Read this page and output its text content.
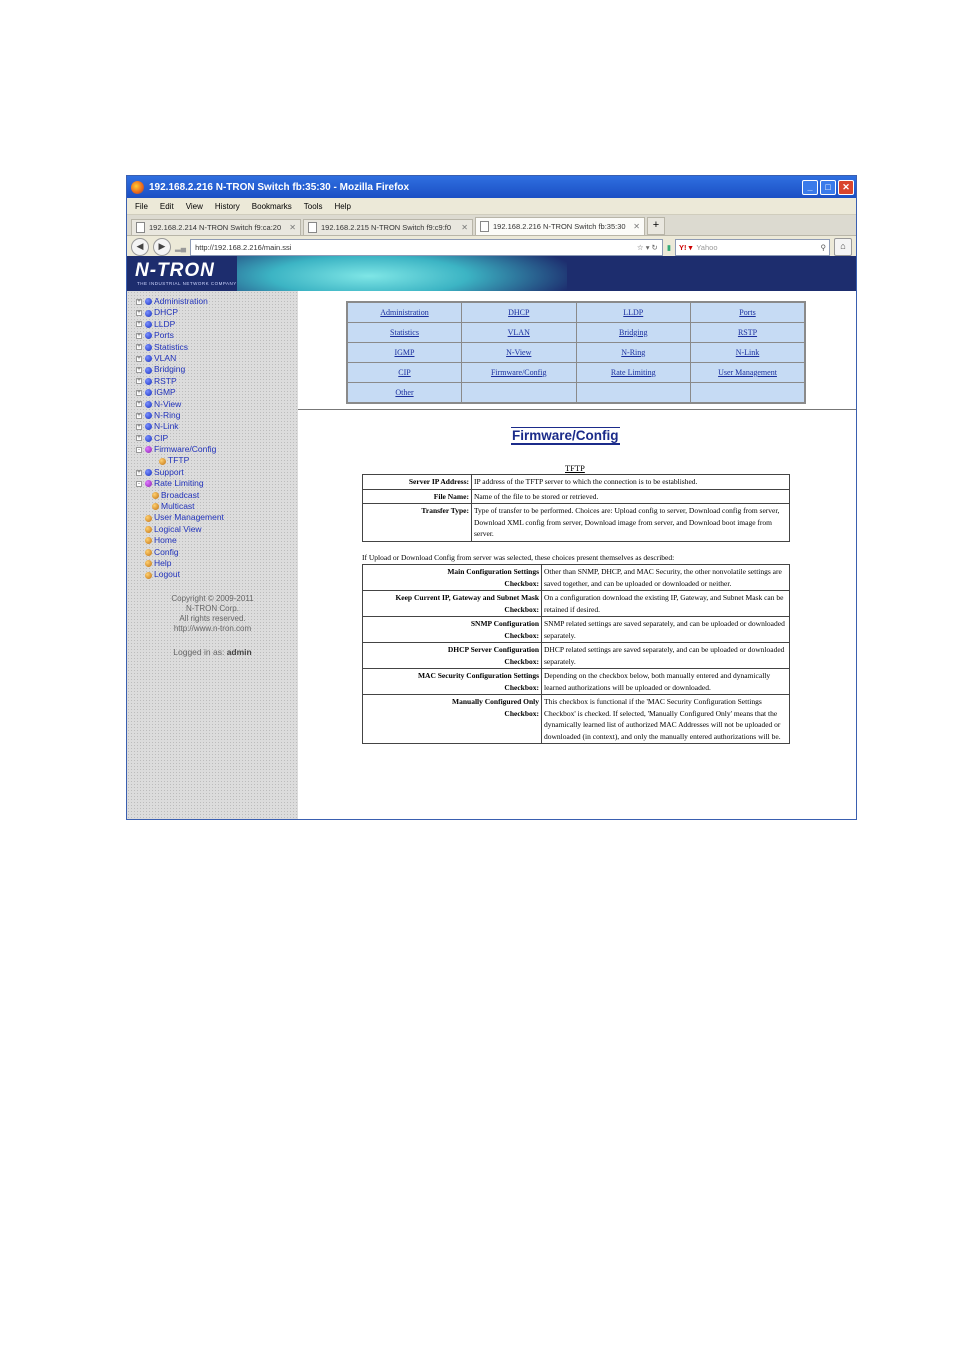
192.168.2.216 N-TRON Switch fb:35:30 - Mozilla Firefox	_	□	✕
File Edit View History Bookmarks Tools Help
192.168.2.214 N-TRON Switch f9:ca:20	✕	192.168.2.215 N-TRON Switch f9:c9:f0	✕	192.168.2.216 N-TRON Switch fb:35:30 ✕	+
◀	▶	▂▄ http://192.168.2.216/main.ssi	☆ ▾ ↻	▮ Y! ▾ Yahoo	⚲	⌂
N-TRON
THE INDUSTRIAL NETWORK COMPANY
+ Administration
+ DHCP
+ LLDP
+ Ports
+ Statistics
+ VLAN
+ Bridging
+ RSTP
+ IGMP
+ N-View
+ N-Ring
+ N-Link
+ CIP
- Firmware/Config
TFTP
+ Support
- Rate Limiting
Broadcast
Multicast
User Management
Logical View
Home
Config
Help
Logout
Copyright © 2009-2011
N-TRON Corp.
All rights reserved.
http://www.n-tron.com
Logged in as: admin
Administration	DHCP	LLDP	Ports
Statistics	VLAN	Bridging	RSTP
IGMP	N-View	N-Ring	N-Link
CIP	Firmware/Config	Rate Limiting	User Management
Other			
Firmware/Config
TFTP
Server IP Address:	IP address of the TFTP server to which the connection is to be established.
File Name:	Name of the file to be stored or retrieved.
Transfer Type:	Type of transfer to be performed. Choices are: Upload config to server, Download config from server, Download XML config from server, Download image from server, and Download boot image from server.
If Upload or Download Config from server was selected, these choices present themselves as described:
Main Configuration Settings
Checkbox:	Other than SNMP, DHCP, and MAC Security, the other nonvolatile settings are saved together, and can be uploaded or downloaded or neither.

Keep Current IP, Gateway and Subnet Mask
Checkbox:	On a configuration download the existing IP, Gateway, and Subnet Mask can be retained if desired.

SNMP Configuration
Checkbox:	SNMP related settings are saved separately, and can be uploaded or downloaded separately.

DHCP Server Configuration
Checkbox:	DHCP related settings are saved separately, and can be uploaded or downloaded separately.

MAC Security Configuration Settings
Checkbox:	Depending on the checkbox below, both manually entered and dynamically learned authorizations will be uploaded or downloaded.

Manually Configured Only
Checkbox:	This checkbox is functional if the 'MAC Security Configuration Settings Checkbox' is checked. If selected, 'Manually Configured Only' means that the dynamically learned list of authorized MAC Addresses will not be uploaded or downloaded (in context), and only the manually entered authorizations will be.
